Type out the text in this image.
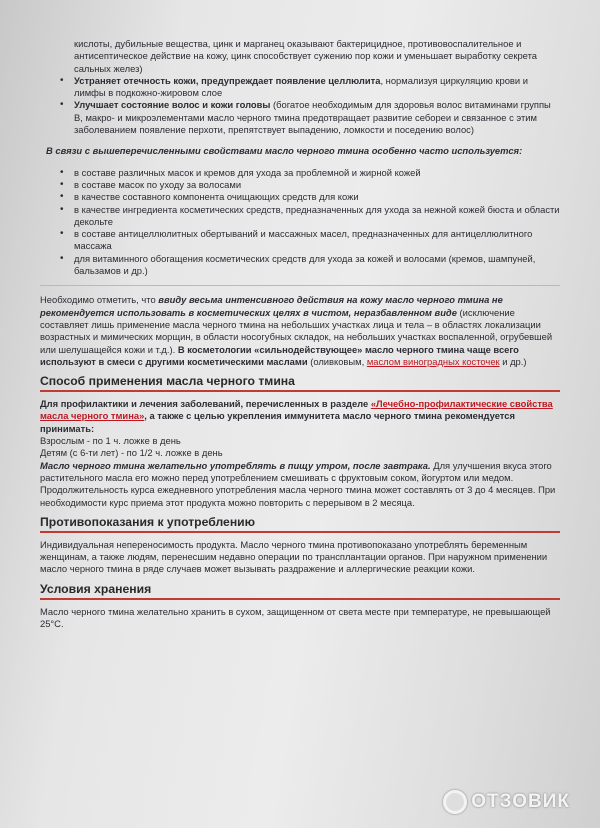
кислоты, дубильные вещества, цинк и марганец оказывают бактерицидное, противовоспалительное и антисептическое действие на кожу, цинк способствует сужению пор кожи и уменьшает выработку секрета сальных желез)
• Устраняет отечность кожи, предупреждает появление целлюлита, нормализуя циркуляцию крови и лимфы в подкожно-жировом слое
• Улучшает состояние волос и кожи головы (богатое необходимым для здоровья волос витаминами группы В, макро- и микроэлементами масло черного тмина предотвращает развитие себореи и связанное с этим заболеванием появление перхоти, препятствует выпадению, ломкости и поседению волос)
В связи с вышеперечисленными свойствами масло черного тмина особенно часто используется:
• в составе различных масок и кремов для ухода за проблемной и жирной кожей
• в составе масок по уходу за волосами
• в качестве составного компонента очищающих средств для кожи
• в качестве ингредиента косметических средств, предназначенных для ухода за нежной кожей бюста и области декольте
• в составе антицеллюлитных обертываний и массажных масел, предназначенных для антицеллюлитного массажа
• для витаминного обогащения косметических средств для ухода за кожей и волосами (кремов, шампуней, бальзамов и др.)
Необходимо отметить, что ввиду весьма интенсивного действия на кожу масло черного тмина не рекомендуется использовать в косметических целях в чистом, неразбавленном виде (исключение составляет лишь применение масла черного тмина на небольших участках лица и тела – в областях локализации возрастных и мимических морщин, в области носогубных складок, на небольших участках воспаленной, огрубевшей или шелушащейся кожи и т.д.). В косметологии «сильнодействующее» масло черного тмина чаще всего используют в смеси с другими косметическими маслами (оливковым, маслом виноградных косточек и др.)
Способ применения масла черного тмина
Для профилактики и лечения заболеваний, перечисленных в разделе «Лечебно-профилактические свойства масла черного тмина», а также с целью укрепления иммунитета масло черного тмина рекомендуется принимать:
Взрослым - по 1 ч. ложке в день
Детям (с 6-ти лет) - по 1/2 ч. ложке в день
Масло черного тмина желательно употреблять в пищу утром, после завтрака. Для улучшения вкуса этого растительного масла его можно перед употреблением смешивать с фруктовым соком, йогуртом или медом.
Продолжительность курса ежедневного употребления масла черного тмина может составлять от 3 до 4 месяцев. При необходимости курс приема этот продукта можно повторить с перерывом в 2 месяца.
Противопоказания к употреблению
Индивидуальная непереносимость продукта. Масло черного тмина противопоказано употреблять беременным женщинам, а также людям, перенесшим недавно операции по трансплантации органов. При наружном применении масло черного тмина в ряде случаев может вызывать раздражение и аллергические реакции кожи.
Условия хранения
Масло черного тмина желательно хранить в сухом, защищенном от света месте при температуре, не превышающей 25°С.
ОТЗОВИК
